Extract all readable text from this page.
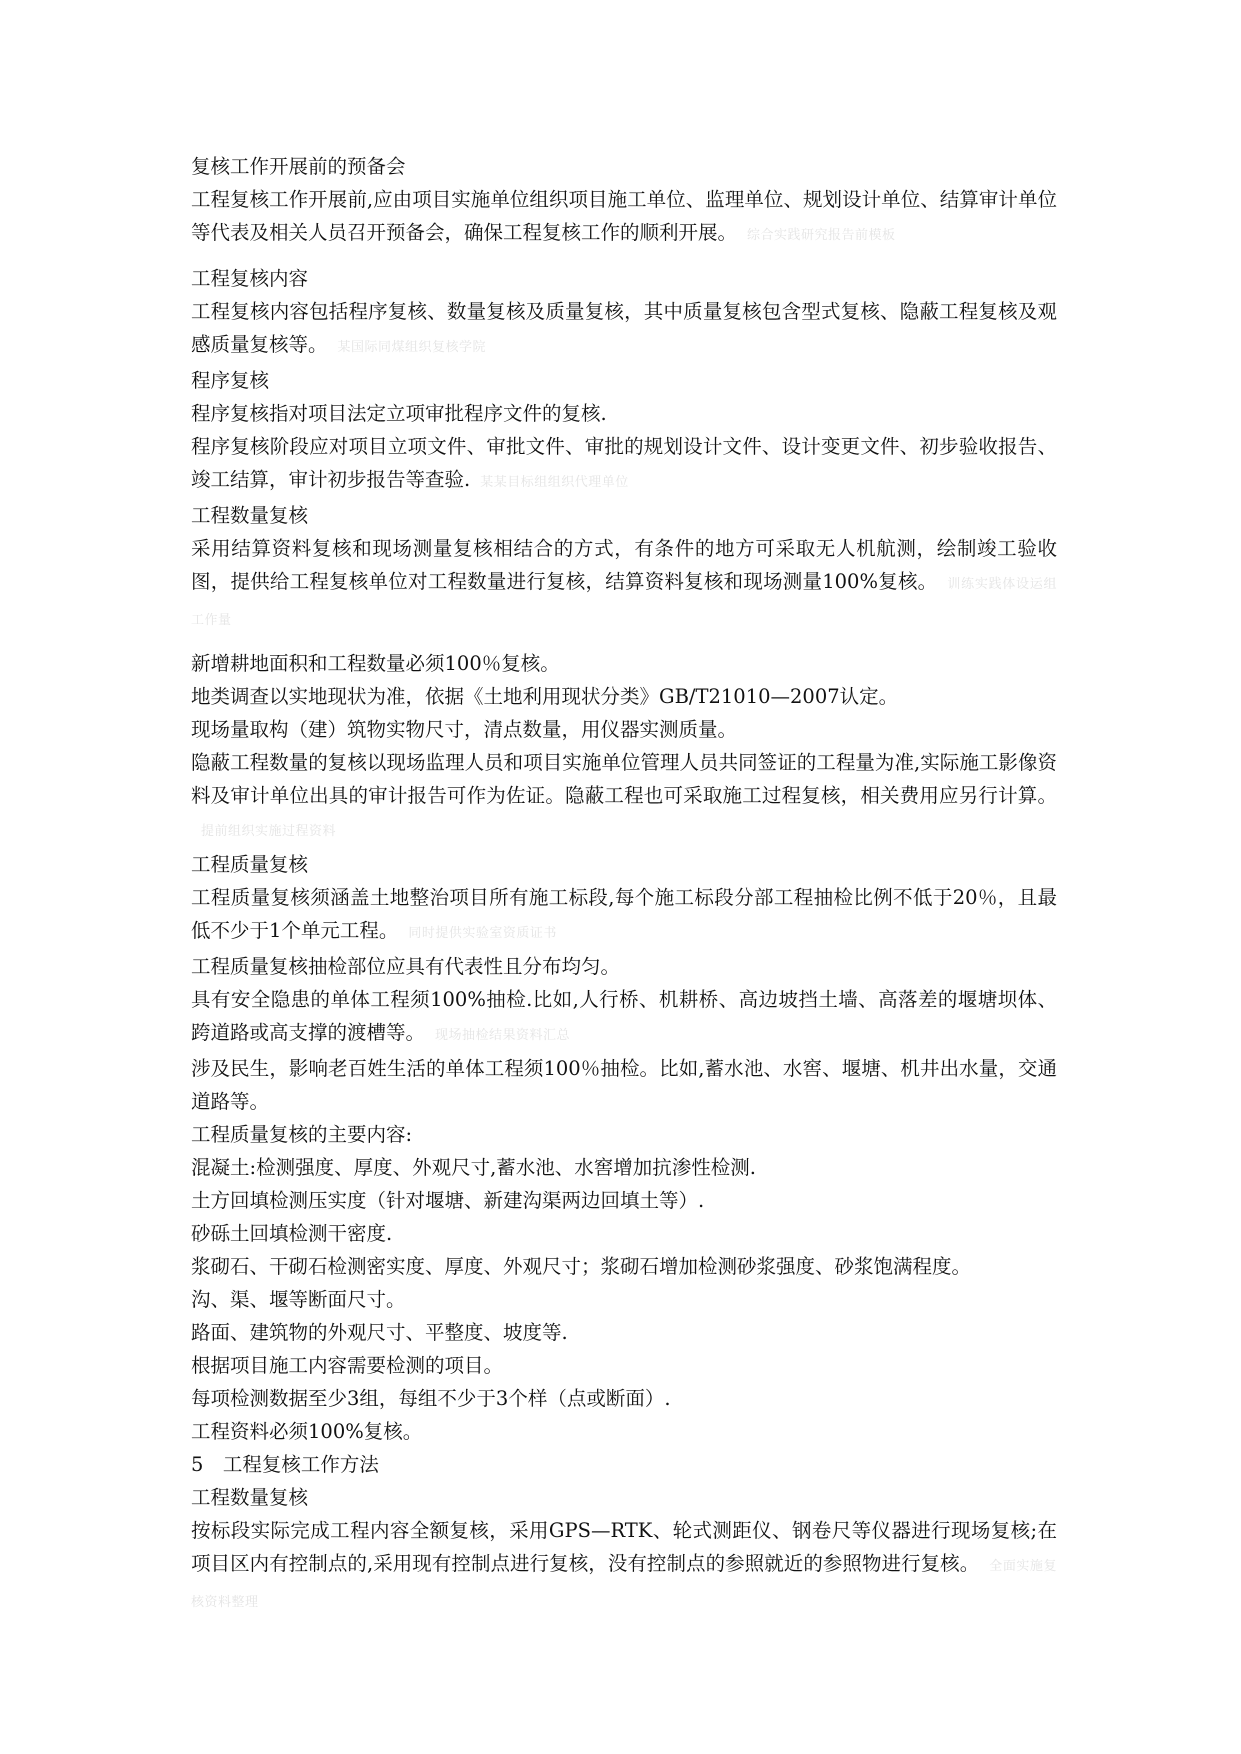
复核工作开展前的预备会

工程复核工作开展前,应由项目实施单位组织项目施工单位、监理单位、规划设计单位、结算审计单位等代表及相关人员召开预备会，确保工程复核工作的顺利开展。 综合实践研究报告前模板

工程复核内容

工程复核内容包括程序复核、数量复核及质量复核，其中质量复核包含型式复核、隐蔽工程复核及观感质量复核等。 某国际同煤组织复核学院

程序复核

程序复核指对项目法定立项审批程序文件的复核.

程序复核阶段应对项目立项文件、审批文件、审批的规划设计文件、设计变更文件、初步验收报告、竣工结算，审计初步报告等查验. 某某目标组组织代理单位

工程数量复核

采用结算资料复核和现场测量复核相结合的方式，有条件的地方可采取无人机航测，绘制竣工验收图，提供给工程复核单位对工程数量进行复核，结算资料复核和现场测量100%复核。 训练实践体设运组工作量

新增耕地面积和工程数量必须100％复核。

地类调查以实地现状为准，依据《土地利用现状分类》GB/T21010—2007认定。

现场量取构（建）筑物实物尺寸，清点数量，用仪器实测质量。

隐蔽工程数量的复核以现场监理人员和项目实施单位管理人员共同签证的工程量为准,实际施工影像资料及审计单位出具的审计报告可作为佐证。隐蔽工程也可采取施工过程复核，相关费用应另行计算。提前组织实施过程资料

工程质量复核

工程质量复核须涵盖土地整治项目所有施工标段,每个施工标段分部工程抽检比例不低于20％，且最低不少于1个单元工程。 同时提供实验室资质证书

工程质量复核抽检部位应具有代表性且分布均匀。

具有安全隐患的单体工程须100%抽检.比如,人行桥、机耕桥、高边坡挡土墙、高落差的堰塘坝体、跨道路或高支撑的渡槽等。 现场抽检结果资料汇总

涉及民生，影响老百姓生活的单体工程须100％抽检。比如,蓄水池、水窖、堰塘、机井出水量，交通道路等。

工程质量复核的主要内容:

混凝土:检测强度、厚度、外观尺寸,蓄水池、水窖增加抗渗性检测.

土方回填检测压实度（针对堰塘、新建沟渠两边回填土等）.

砂砾土回填检测干密度.

浆砌石、干砌石检测密实度、厚度、外观尺寸；浆砌石增加检测砂浆强度、砂浆饱满程度。

沟、渠、堰等断面尺寸。

路面、建筑物的外观尺寸、平整度、坡度等.

根据项目施工内容需要检测的项目。

每项检测数据至少3组，每组不少于3个样（点或断面）.

工程资料必须100%复核。

5　工程复核工作方法

工程数量复核

按标段实际完成工程内容全额复核，采用GPS—RTK、轮式测距仪、钢卷尺等仪器进行现场复核;在项目区内有控制点的,采用现有控制点进行复核，没有控制点的参照就近的参照物进行复核。 全面实施复核资料整理
